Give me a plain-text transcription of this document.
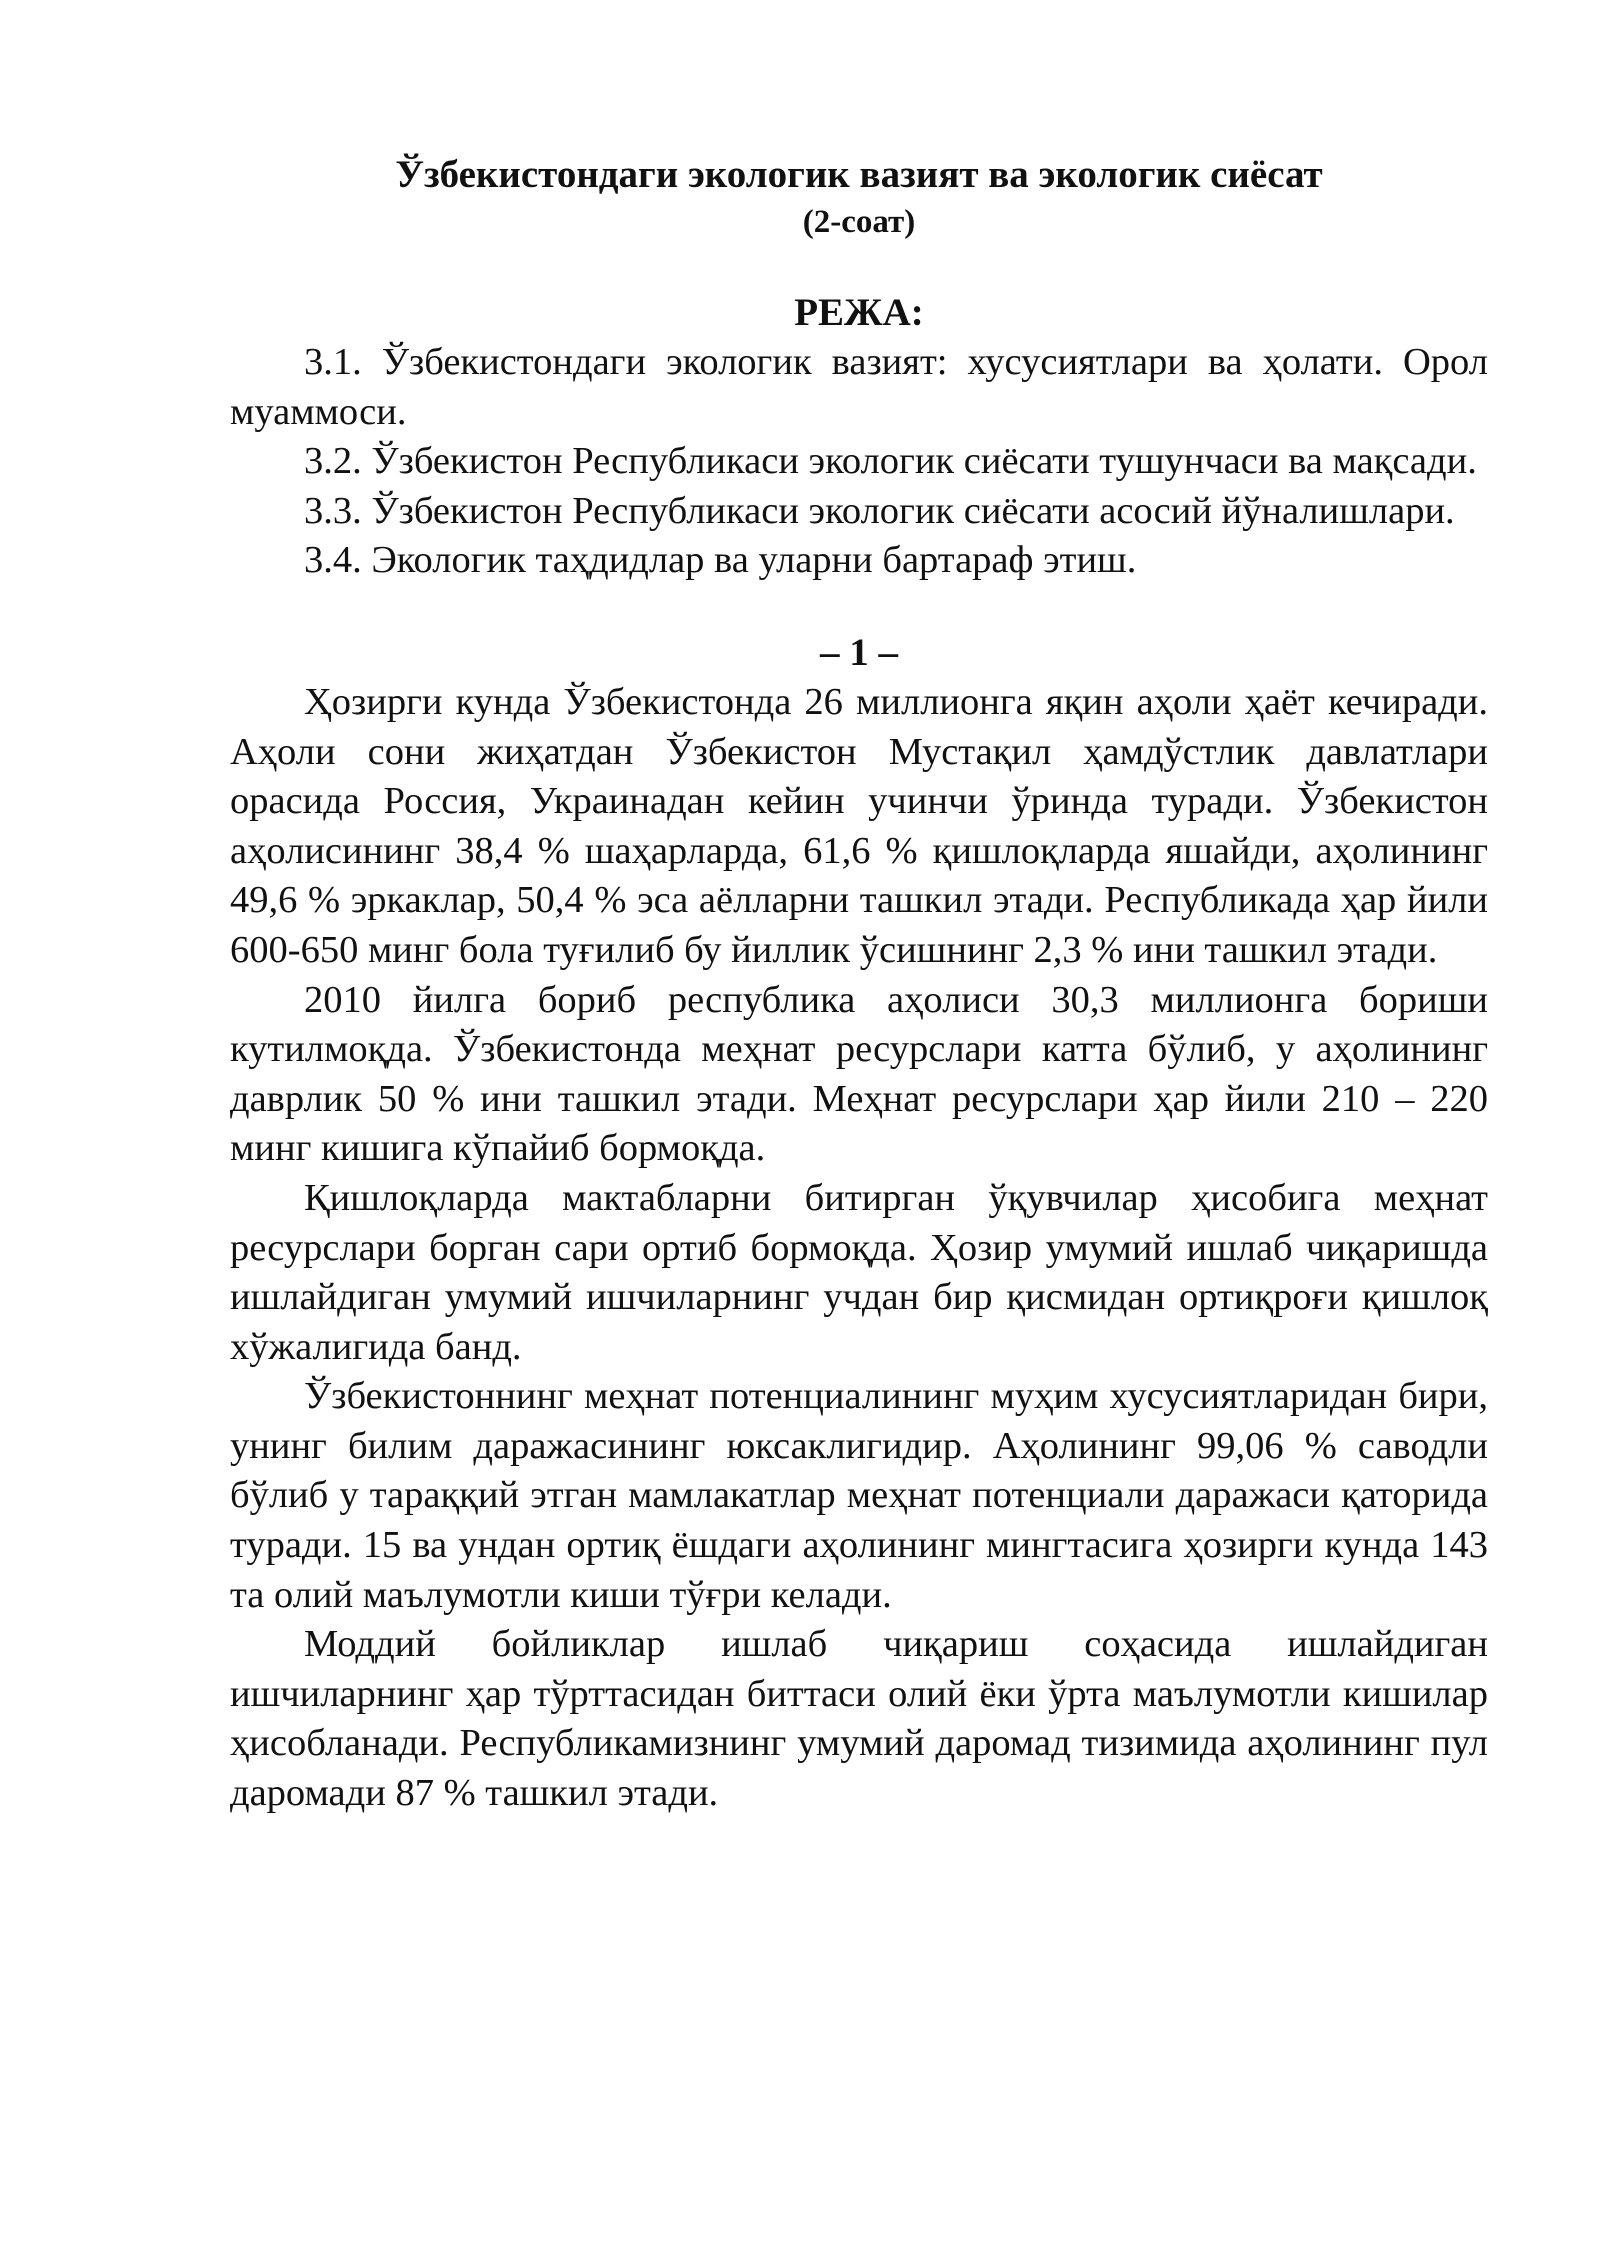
Ўзбекистондаги экологик вазият ва экологик сиёсат
(2-соат)
РЕЖА:

3.1. Ўзбекистондаги экологик вазият: хусусиятлари ва ҳолати. Орол муаммоси.

3.2. Ўзбекистон Республикаси экологик сиёсати тушунчаси ва мақсади.

3.3. Ўзбекистон Республикаси экологик сиёсати асосий йўналишлари.

3.4. Экологик таҳдидлар ва уларни бартараф этиш.

– 1 –

Ҳозирги кунда Ўзбекистонда 26 миллионга яқин аҳоли ҳаёт кечиради. Аҳоли сони жиҳатдан Ўзбекистон Мустақил ҳамдўстлик давлатлари орасида Россия, Украинадан кейин учинчи ўринда туради. Ўзбекистон аҳолисининг 38,4 % шаҳарларда, 61,6 % қишлоқларда яшайди, аҳолининг 49,6 % эркаклар, 50,4 % эса аёлларни ташкил этади. Республикада ҳар йили 600-650 минг бола туғилиб бу йиллик ўсишнинг 2,3 % ини ташкил этади.

2010 йилга бориб республика аҳолиси 30,3 миллионга бориши кутилмоқда. Ўзбекистонда меҳнат ресурслари катта бўлиб, у аҳолининг даврлик 50 % ини ташкил этади. Меҳнат ресурслари ҳар йили 210 – 220 минг кишига кўпайиб бормоқда.

Қишлоқларда мактабларни битирган ўқувчилар ҳисобига меҳнат ресурслари борган сари ортиб бормоқда. Ҳозир умумий ишлаб чиқаришда ишлайдиган умумий ишчиларнинг учдан бир қисмидан ортиқроғи қишлоқ хўжалигида банд.

Ўзбекистоннинг меҳнат потенциалининг муҳим хусусиятларидан бири, унинг билим даражасининг юксаклигидир. Аҳолининг 99,06 % саводли бўлиб у тараққий этган мамлакатлар меҳнат потенциали даражаси қаторида туради. 15 ва ундан ортиқ ёшдаги аҳолининг мингтасига ҳозирги кунда 143 та олий маълумотли киши тўғри келади.

Моддий бойликлар ишлаб чиқариш соҳасида ишлайдиган ишчиларнинг ҳар тўрттасидан биттаси олий ёки ўрта маълумотли кишилар ҳисобланади. Республикамизнинг умумий даромад тизимида аҳолининг пул даромади 87 % ташкил этади.
